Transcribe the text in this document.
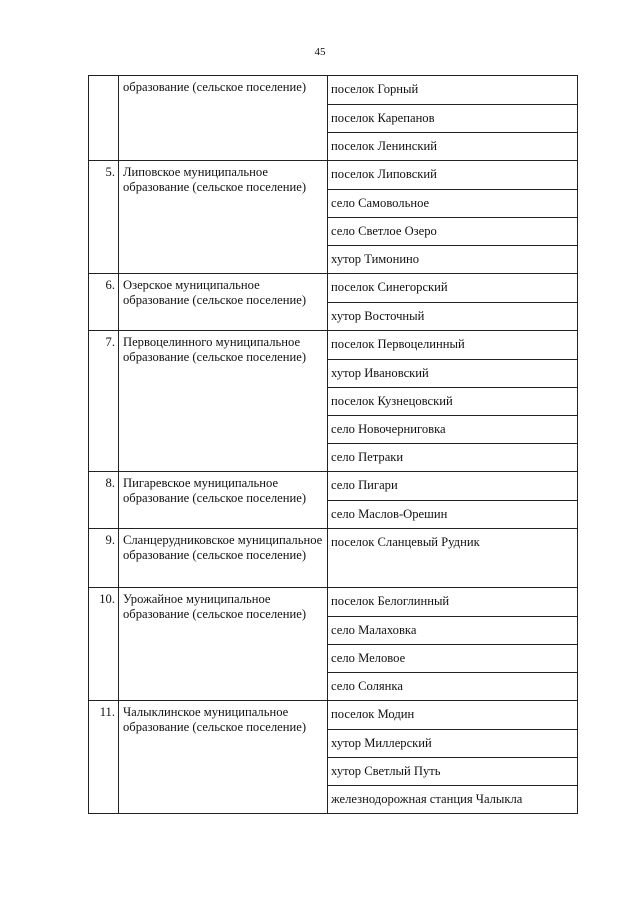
45
	образование (сельское поселение)	поселок Горный
поселок Карепанов
поселок Ленинский

5.	Липовское муниципальное образование (сельское поселение)	поселок Липовский
село Самовольное
село Светлое Озеро
хутор Тимонино

6.	Озерское муниципальное образование (сельское поселение)	поселок Синегорский
хутор Восточный

7.	Первоцелинного муниципальное образование (сельское поселение)	поселок Первоцелинный
хутор Ивановский
поселок Кузнецовский
село Новочерниговка
село Петраки

8.	Пигаревское муниципальное образование (сельское поселение)	село Пигари
село Маслов-Орешин

9.	Сланцерудниковское муниципальное образование (сельское поселение)	поселок Сланцевый Рудник

10.	Урожайное муниципальное образование (сельское поселение)	поселок Белоглинный
село Малаховка
село Меловое
село Солянка

11.	Чалыклинское муниципальное образование (сельское поселение)	поселок Модин
хутор Миллерский
хутор Светлый Путь
железнодорожная станция Чалыкла
